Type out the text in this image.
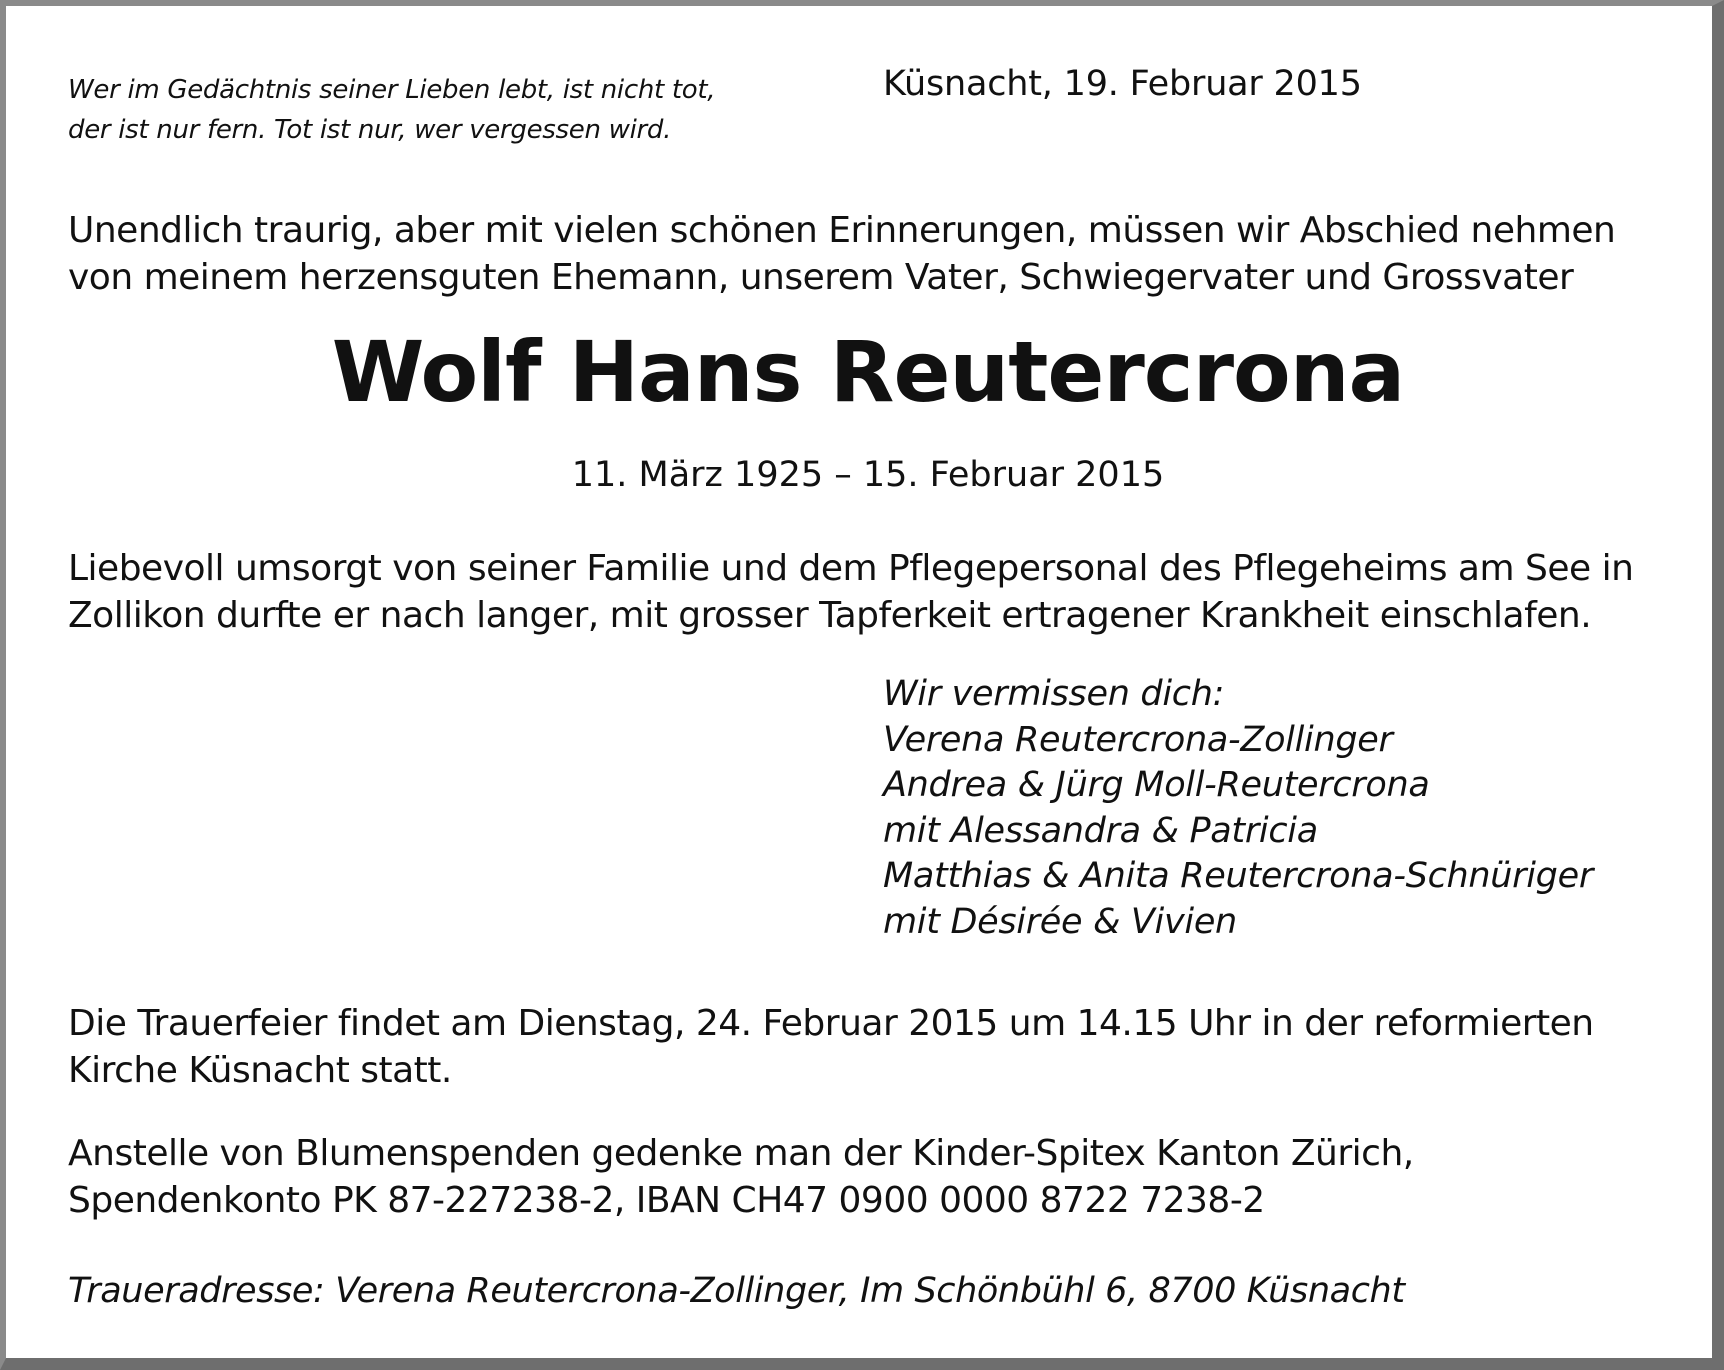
Wer im Gedächtnis seiner Lieben lebt, ist nicht tot,
der ist nur fern. Tot ist nur, wer vergessen wird.

Küsnacht, 19. Februar 2015

Unendlich traurig, aber mit vielen schönen Erinnerungen, müssen wir Abschied nehmen
von meinem herzensguten Ehemann, unserem Vater, Schwiegervater und Grossvater

Wolf Hans Reutercrona

11. März 1925 – 15. Februar 2015

Liebevoll umsorgt von seiner Familie und dem Pflegepersonal des Pflegeheims am See in
Zollikon durfte er nach langer, mit grosser Tapferkeit ertragener Krankheit einschlafen.

Wir vermissen dich:
Verena Reutercrona-Zollinger
Andrea & Jürg Moll-Reutercrona
mit Alessandra & Patricia
Matthias & Anita Reutercrona-Schnüriger
mit Désirée & Vivien

Die Trauerfeier findet am Dienstag, 24. Februar 2015 um 14.15 Uhr in der reformierten
Kirche Küsnacht statt.

Anstelle von Blumenspenden gedenke man der Kinder-Spitex Kanton Zürich,
Spendenkonto PK 87-227238-2, IBAN CH47 0900 0000 8722 7238-2

Traueradresse: Verena Reutercrona-Zollinger, Im Schönbühl 6, 8700 Küsnacht
